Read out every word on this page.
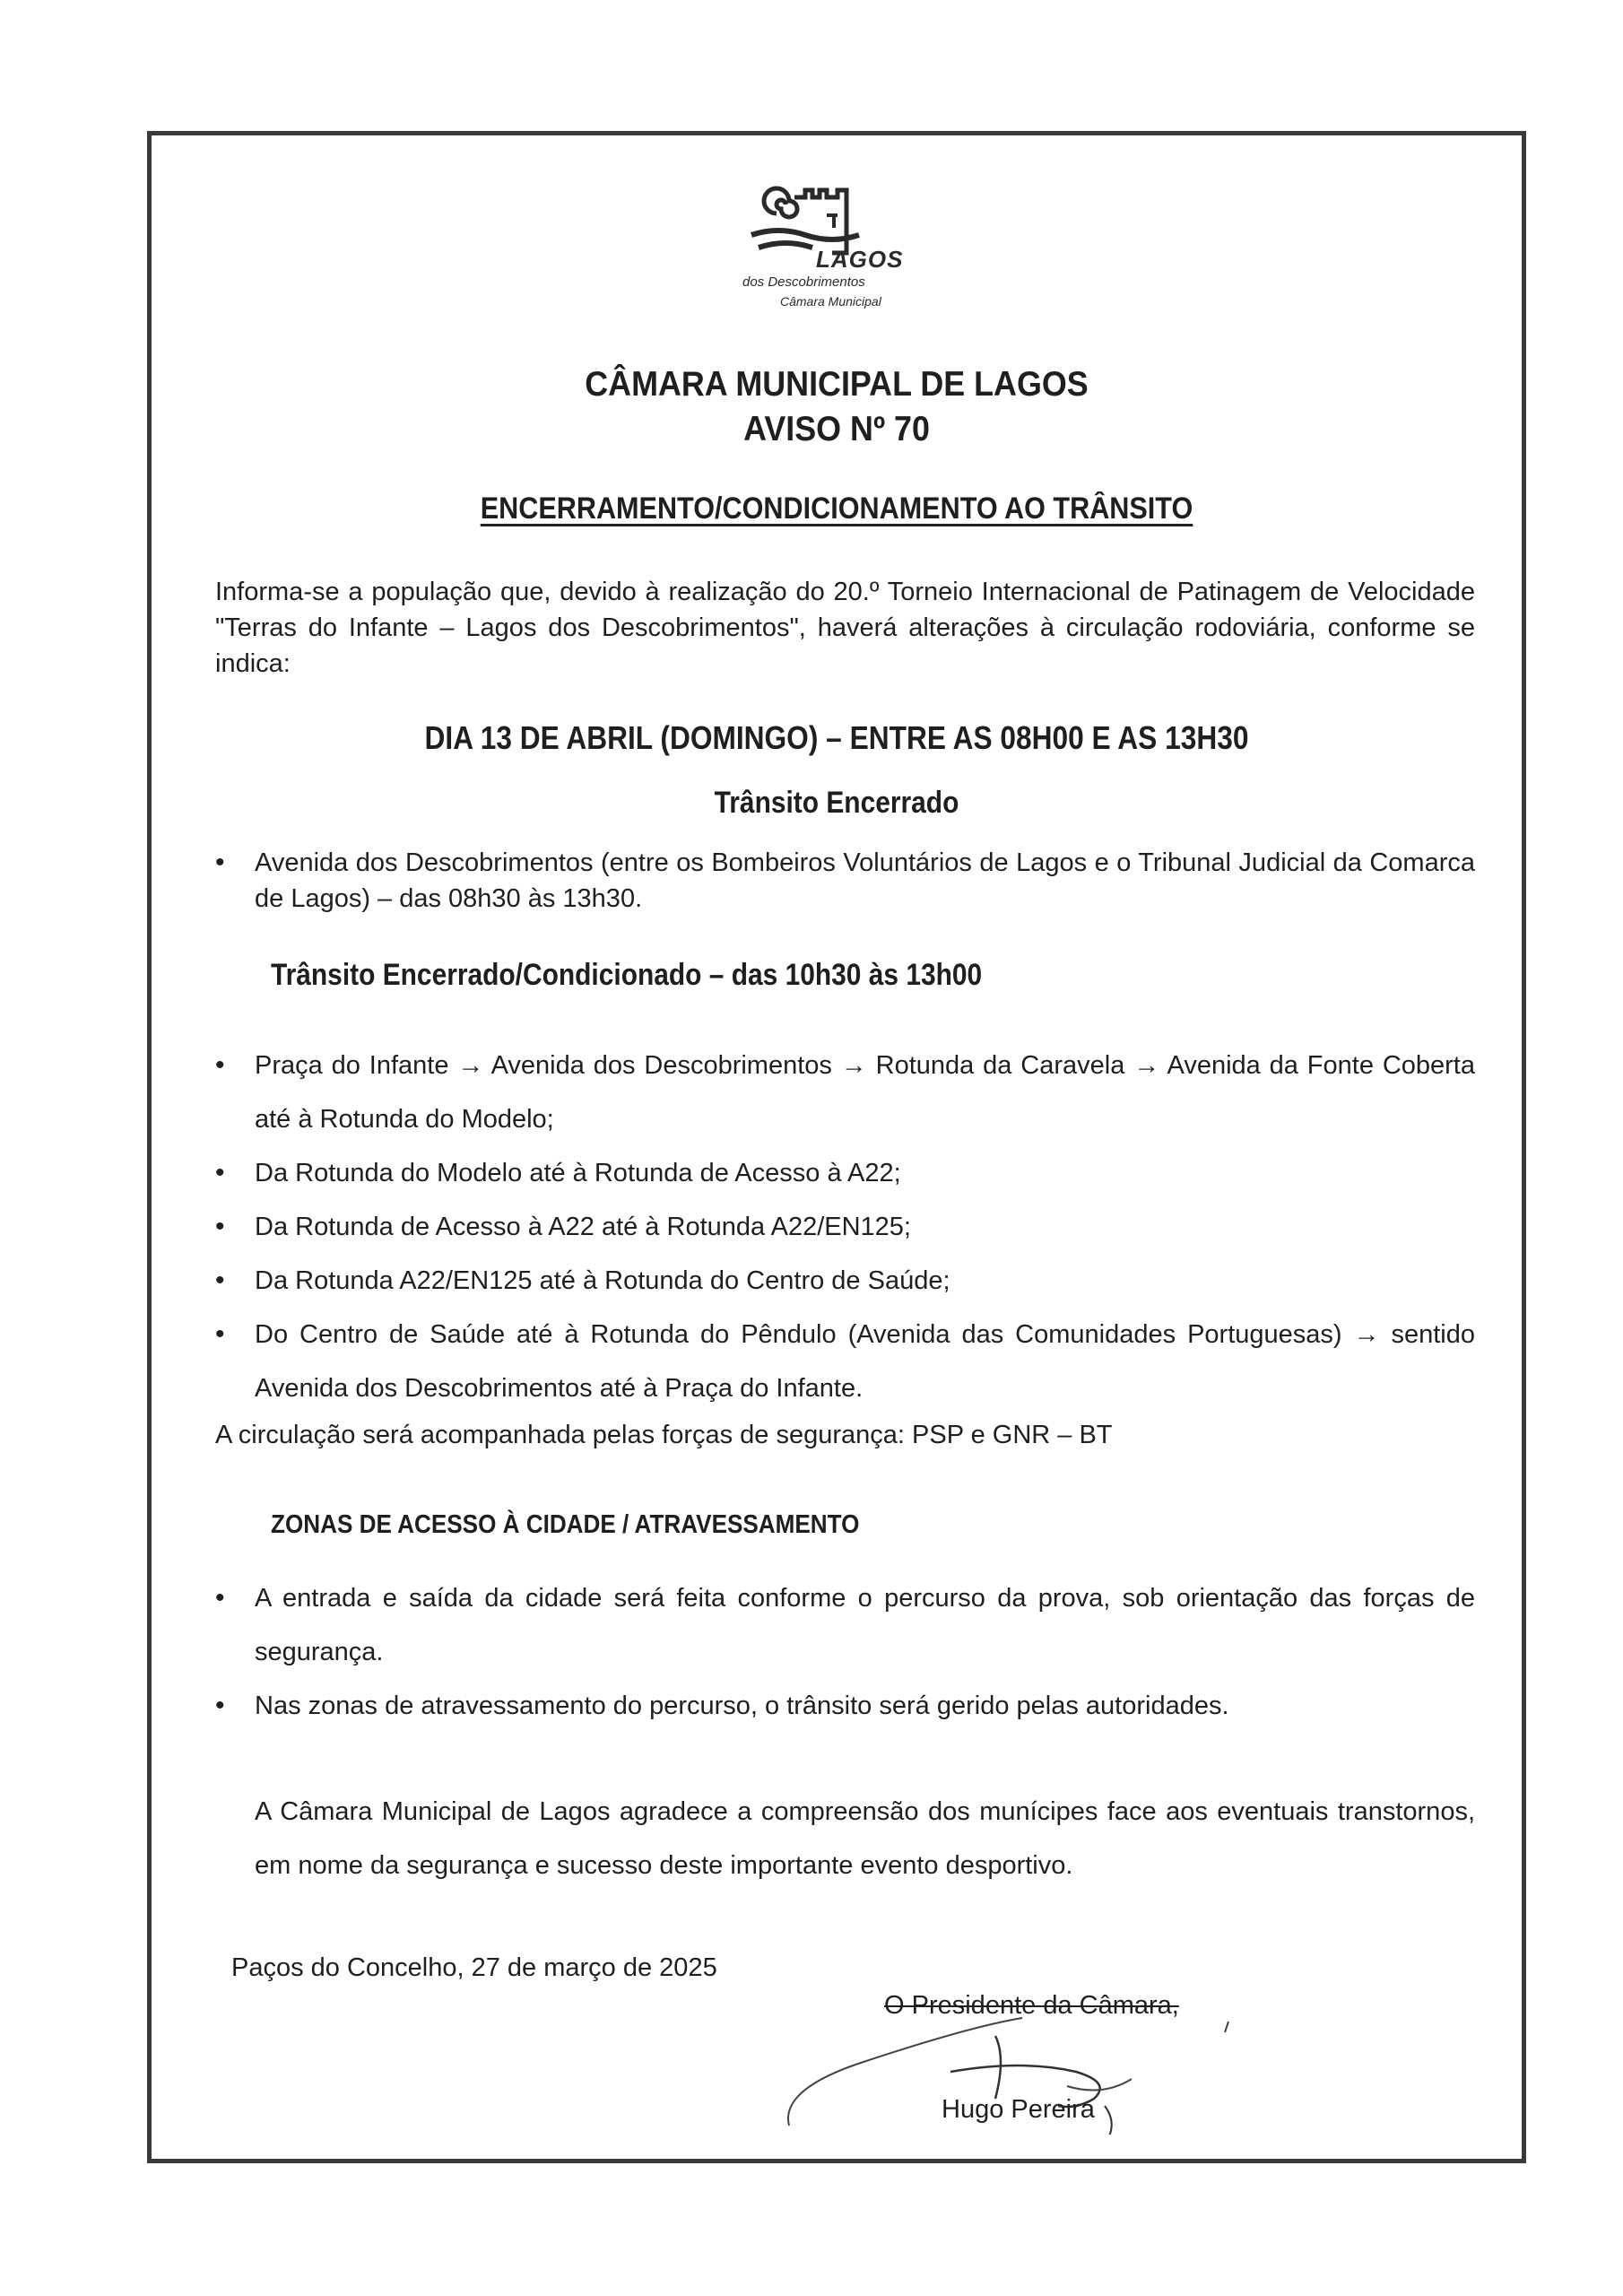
LAGOS
dos Descobrimentos
Câmara Municipal
CÂMARA MUNICIPAL DE LAGOS
AVISO Nº 70
ENCERRAMENTO/CONDICIONAMENTO AO TRÂNSITO
Informa-se a população que, devido à realização do 20.º Torneio Internacional de Patinagem de Velocidade "Terras do Infante – Lagos dos Descobrimentos", haverá alterações à circulação rodoviária, conforme se indica:
DIA 13 DE ABRIL (DOMINGO) – ENTRE AS 08H00 E AS 13H30
Trânsito Encerrado
• Avenida dos Descobrimentos (entre os Bombeiros Voluntários de Lagos e o Tribunal Judicial da Comarca de Lagos) – das 08h30 às 13h30.
Trânsito Encerrado/Condicionado – das 10h30 às 13h00
• Praça do Infante → Avenida dos Descobrimentos → Rotunda da Caravela → Avenida da Fonte Coberta até à Rotunda do Modelo;
• Da Rotunda do Modelo até à Rotunda de Acesso à A22;
• Da Rotunda de Acesso à A22 até à Rotunda A22/EN125;
• Da Rotunda A22/EN125 até à Rotunda do Centro de Saúde;
• Do Centro de Saúde até à Rotunda do Pêndulo (Avenida das Comunidades Portuguesas) → sentido Avenida dos Descobrimentos até à Praça do Infante.
A circulação será acompanhada pelas forças de segurança: PSP e GNR – BT
ZONAS DE ACESSO À CIDADE / ATRAVESSAMENTO
• A entrada e saída da cidade será feita conforme o percurso da prova, sob orientação das forças de segurança.
• Nas zonas de atravessamento do percurso, o trânsito será gerido pelas autoridades.
A Câmara Municipal de Lagos agradece a compreensão dos munícipes face aos eventuais transtornos, em nome da segurança e sucesso deste importante evento desportivo.
Paços do Concelho, 27 de março de 2025
O Presidente da Câmara,
Hugo Pereira
